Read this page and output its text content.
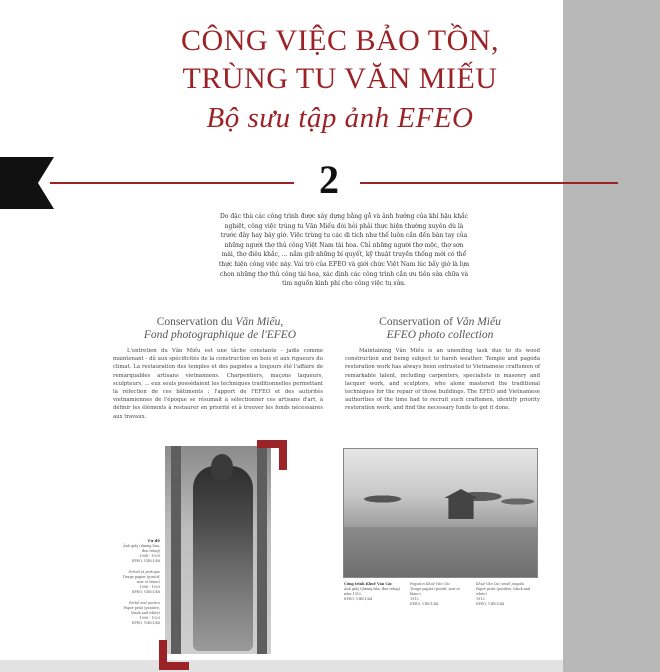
CÔNG VIỆC BẢO TỒN,
TRÙNG TU VĂN MIẾU
Bộ sưu tập ảnh EFEO
2

Do đặc thù các công trình được xây dựng bằng gỗ và ảnh hưởng của khí hậu khắc nghiệt, công việc trùng tu Văn Miếu đòi hỏi phải thực hiện thường xuyên dù là trước đây hay bây giờ. Việc trùng tu các di tích như thế luôn cần đến bàn tay của những người thợ thủ công Việt Nam tài hoa. Chỉ những người thợ mộc, thợ sơn mài, thợ điêu khắc, ... nắm giữ những bí quyết, kỹ thuật truyền thống mới có thể thực hiện công việc này. Vai trò của EFEO và giới chức Việt Nam lúc bấy giờ là lựa chọn những thợ thủ công tài hoa, xác định các công trình cần ưu tiên sửa chữa và tìm nguồn kinh phí cho công việc tu sửa.

Conservation du Văn Miếu,
Fond photographique de l'EFEO

L'entretien du Văn Miếu est une tâche constante - jadis comme maintenant - dû aux spécificités de la construction en bois et aux rigueurs du climat. La restauration des temples et des pagodes a toujours été l'affaire de remarquables artisans vietnamiens. Charpentiers, maçons laqueurs, sculpteurs, ... eux seuls possédaient les techniques traditionnelles permettant la réfection de ces bâtiments ; l'apport de l'EFEO et des autorités vietnamiennes de l'époque se résumait à sélectionner ces artisans d'art, à définir les éléments à restaurer en priorité et à trouver les fonds nécessaires aux travaux.

Conservation of Văn Miếu
EFEO photo collection

Maintaining Văn Miếu is an unending task due to its wood construction and being subject to harsh weather. Temple and pagoda restoration work has always been entrusted to Vietnamese craftsmen of remarkable talent, including carpenters, specialists in masonry and lacquer work, and sculptors, who alone mastered the traditional techniques for the repair of those buildings. The EFEO and Vietnamese authorities of the time had to recruit such craftsmen, identify priority restoration work, and find the necessary funds to get it done.

Tư đế
Ảnh giấy (dương bản, đen trắng)
1908 - 1929
EFEO, VIE01/48
Portail et portique
Tirage papier (positif, noir et blanc)
1908 - 1929
EFEO, VIE01/48
Portal and portico
Paper print (positive, black and white)
1908 - 1929
EFEO, VIE01/48
Công trình Khuê Văn Các
Ảnh giấy (dương bản, đen trắng)
năm 1912
EFEO, VIE01/44
Pagodon Khuê Văn Các
Tirage papier (positif, noir et blanc)
1912
EFEO, VIE01/44
Khuê Văn Các small pagoda
Paper print (positive, black and white)
1912
EFEO, VIE01/44
